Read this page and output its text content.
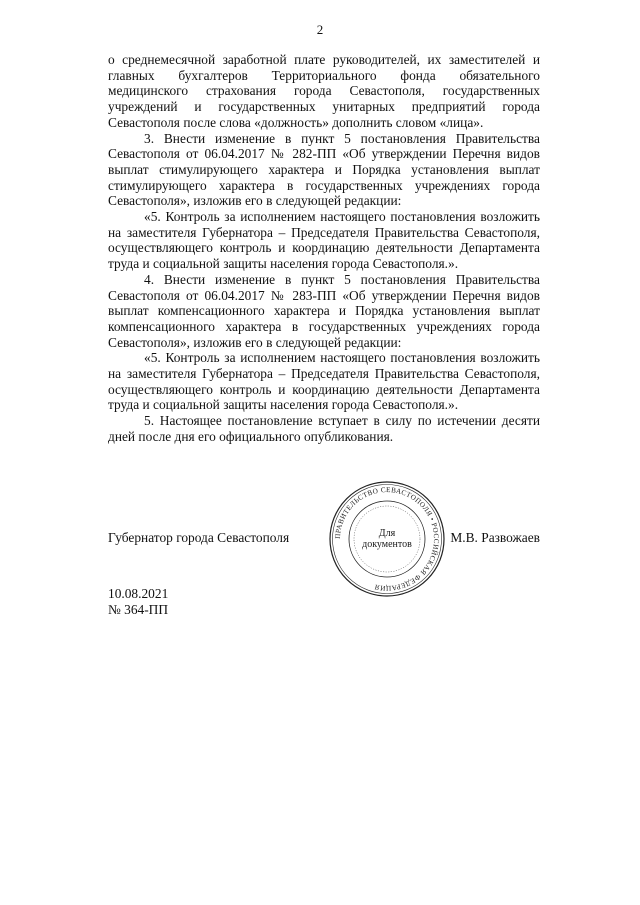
2

о среднемесячной заработной плате руководителей, их заместителей и главных бухгалтеров Территориального фонда обязательного медицинского страхования города Севастополя, государственных учреждений и государственных унитарных предприятий города Севастополя после слова «должность» дополнить словом «лица».

3. Внести изменение в пункт 5 постановления Правительства Севастополя от 06.04.2017 № 282-ПП «Об утверждении Перечня видов выплат стимулирующего характера и Порядка установления выплат стимулирующего характера в государственных учреждениях города Севастополя», изложив его в следующей редакции:

«5. Контроль за исполнением настоящего постановления возложить на заместителя Губернатора – Председателя Правительства Севастополя, осуществляющего контроль и координацию деятельности Департамента труда и социальной защиты населения города Севастополя.».

4. Внести изменение в пункт 5 постановления Правительства Севастополя от 06.04.2017 № 283-ПП «Об утверждении Перечня видов выплат компенсационного характера и Порядка установления выплат компенсационного характера в государственных учреждениях города Севастополя», изложив его в следующей редакции:

«5. Контроль за исполнением настоящего постановления возложить на заместителя Губернатора – Председателя Правительства Севастополя, осуществляющего контроль и координацию деятельности Департамента труда и социальной защиты населения города Севастополя.».

5. Настоящее постановление вступает в силу по истечении десяти дней после дня его официального опубликования.

Губернатор города Севастополя	М.В. Развожаев
ПРАВИТЕЛЬСТВО СЕВАСТОПОЛЯ • РОССИЙСКАЯ ФЕДЕРАЦИЯ
Для
документов
10.08.2021
№ 364-ПП
